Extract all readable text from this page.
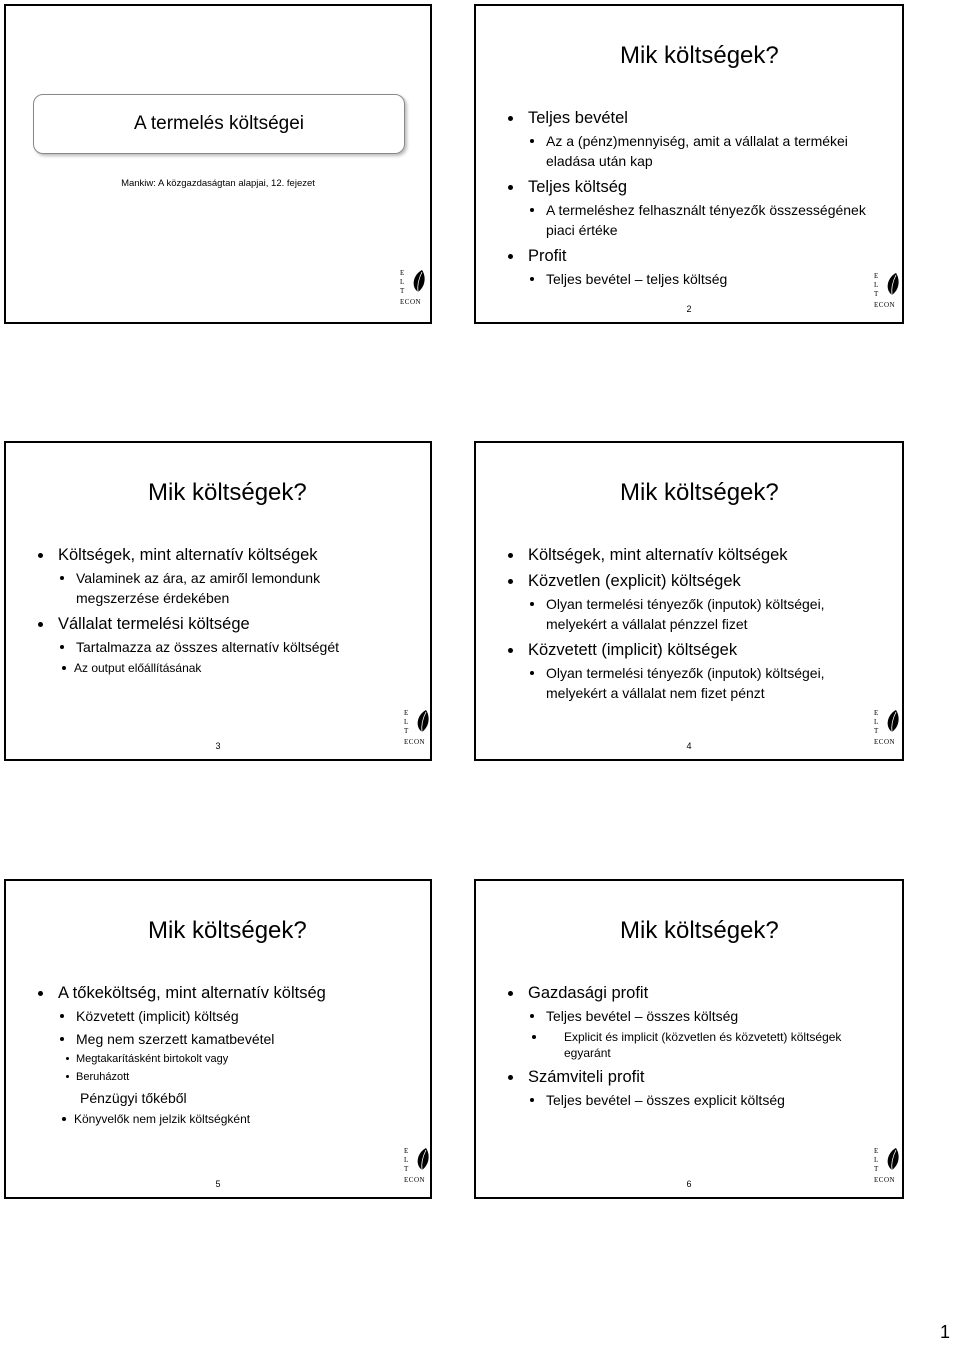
A termelés költségei
Mankiw: A közgazdaságtan alapjai, 12. fejezet
E
L
T
ECON
Mik költségek?
Teljes bevétel
Az a (pénz)mennyiség, amit a vállalat a termékei
eladása után kap
Teljes költség
A termeléshez felhasznált tényezők összességének
piaci értéke
Profit
Teljes bevétel – teljes költség	E
L
T
ECON
2
Mik költségek?
Költségek, mint alternatív költségek
Valaminek az ára, az amiről lemondunk
megszerzése érdekében
Vállalat termelési költsége
Tartalmazza az összes alternatív költségét
Az output előállításának
E
L
T
ECON
3
Mik költségek?
Költségek, mint alternatív költségek
Közvetlen (explicit) költségek
Olyan termelési tényezők (inputok) költségei,
melyekért a vállalat pénzzel fizet
Közvetett (implicit) költségek
Olyan termelési tényezők (inputok) költségei,
melyekért a vállalat nem fizet pénzt
E
L
T
ECON
4
Mik költségek?
A tőkeköltség, mint alternatív költség
Közvetett (implicit) költség
Meg nem szerzett kamatbevétel
Megtakarításként birtokolt vagy
Beruházott
Pénzügyi tőkéből
Könyvelők nem jelzik költségként
E
L
T
ECON
5
Mik költségek?
Gazdasági profit
Teljes bevétel – összes költség
Explicit és implicit (közvetlen és közvetett) költségek
egyaránt
Számviteli profit
Teljes bevétel – összes explicit költség
E
L
T
ECON
6
1
